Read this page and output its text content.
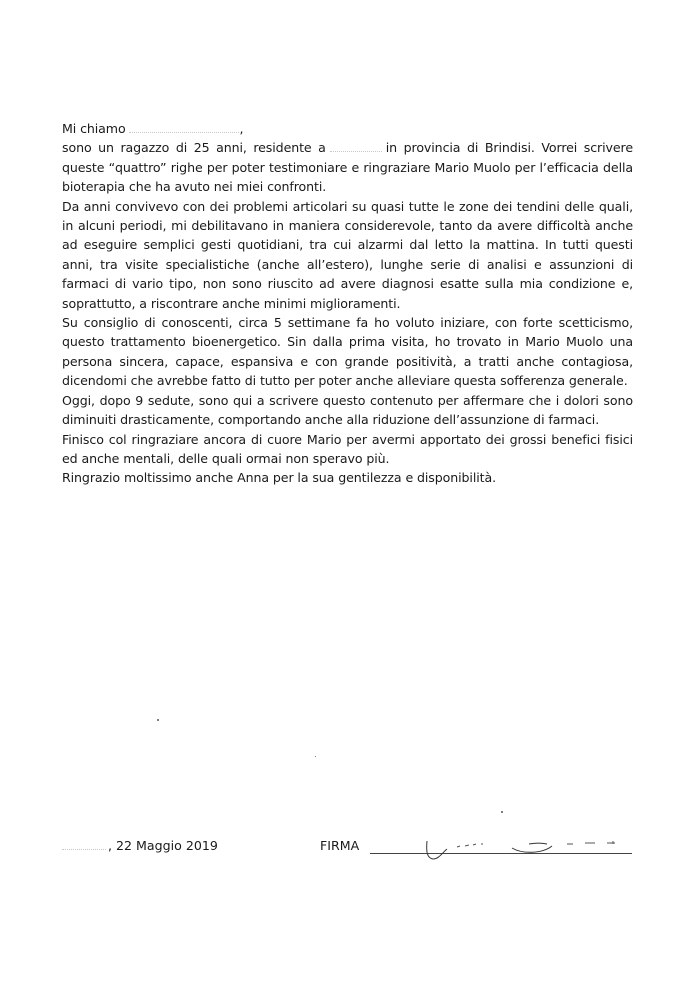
Mi chiamo	,

sono un ragazzo di 25 anni, residente a	in provincia di Brindisi. Vorrei scrivere queste “quattro” righe per poter testimoniare e ringraziare Mario Muolo per l’efficacia della bioterapia che ha avuto nei miei confronti.

Da anni convivevo con dei problemi articolari su quasi tutte le zone dei tendini delle quali, in alcuni periodi, mi debilitavano in maniera considerevole, tanto da avere difficoltà anche ad eseguire semplici gesti quotidiani, tra cui alzarmi dal letto la mattina. In tutti questi anni, tra visite specialistiche (anche all’estero), lunghe serie di analisi e assunzioni di farmaci di vario tipo, non sono riuscito ad avere diagnosi esatte sulla mia condizione e, soprattutto, a riscontrare anche minimi miglioramenti.

Su consiglio di conoscenti, circa 5 settimane fa ho voluto iniziare, con forte scetticismo, questo trattamento bioenergetico. Sin dalla prima visita, ho trovato in Mario Muolo una persona sincera, capace, espansiva e con grande positività, a tratti anche contagiosa, dicendomi che avrebbe fatto di tutto per poter anche alleviare questa sofferenza generale.

Oggi, dopo 9 sedute, sono qui a scrivere questo contenuto per affermare che i dolori sono diminuiti drasticamente, comportando anche alla riduzione dell’assunzione di farmaci.

Finisco col ringraziare ancora di cuore Mario per avermi apportato dei grossi benefici fisici ed anche mentali, delle quali ormai non speravo più.

Ringrazio moltissimo anche Anna per la sua gentilezza e disponibilità.

, 22 Maggio 2019	FIRMA
